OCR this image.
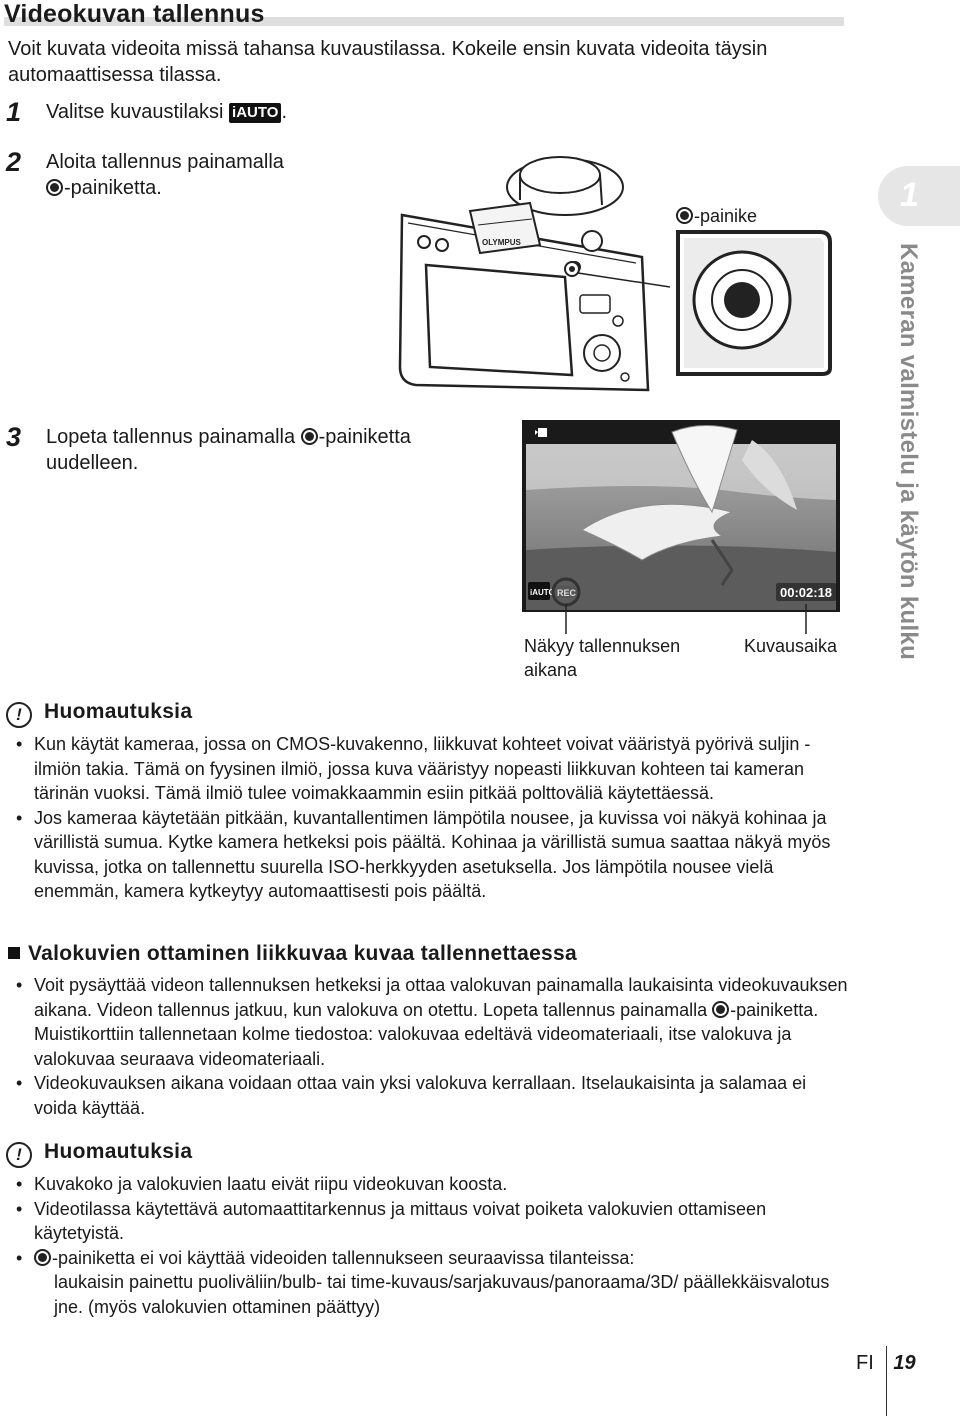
Videokuvan tallennus
Voit kuvata videoita missä tahansa kuvaustilassa. Kokeile ensin kuvata videoita täysin automaattisessa tilassa.
1 Valitse kuvaustilaksi iAUTO .
2 Aloita tallennus painamalla
-painiketta.
3 Lopeta tallennus painamalla -painiketta
uudelleen.
OLYMPUS
-painike
iAUTO REC	00:02:18
Näkyy tallennuksen
aikana
Kuvausaika
1
Kameran valmistelu ja käytön kulku
! Huomautuksia
• Kun käytät kameraa, jossa on CMOS-kuvakenno, liikkuvat kohteet voivat vääristyä pyörivä suljin -ilmiön takia. Tämä on fyysinen ilmiö, jossa kuva vääristyy nopeasti liikkuvan kohteen tai kameran tärinän vuoksi. Tämä ilmiö tulee voimakkaammin esiin pitkää polttoväliä käytettäessä.
• Jos kameraa käytetään pitkään, kuvantallentimen lämpötila nousee, ja kuvissa voi näkyä kohinaa ja värillistä sumua. Kytke kamera hetkeksi pois päältä. Kohinaa ja värillistä sumua saattaa näkyä myös kuvissa, jotka on tallennettu suurella ISO-herkkyyden asetuksella. Jos lämpötila nousee vielä enemmän, kamera kytkeytyy automaattisesti pois päältä.
Valokuvien ottaminen liikkuvaa kuvaa tallennettaessa
• Voit pysäyttää videon tallennuksen hetkeksi ja ottaa valokuvan painamalla laukaisinta videokuvauksen aikana. Videon tallennus jatkuu, kun valokuva on otettu. Lopeta tallennus painamalla -painiketta. Muistikorttiin tallennetaan kolme tiedostoa: valokuvaa edeltävä videomateriaali, itse valokuva ja valokuvaa seuraava videomateriaali.
• Videokuvauksen aikana voidaan ottaa vain yksi valokuva kerrallaan. Itselaukaisinta ja salamaa ei voida käyttää.
! Huomautuksia
• Kuvakoko ja valokuvien laatu eivät riipu videokuvan koosta.
• Videotilassa käytettävä automaattitarkennus ja mittaus voivat poiketa valokuvien ottamiseen käytetyistä.
• -painiketta ei voi käyttää videoiden tallennukseen seuraavissa tilanteissa:
laukaisin painettu puoliväliin/bulb- tai time-kuvaus/sarjakuvaus/panoraama/3D/ päällekkäisvalotus jne. (myös valokuvien ottaminen päättyy)
FI 19
